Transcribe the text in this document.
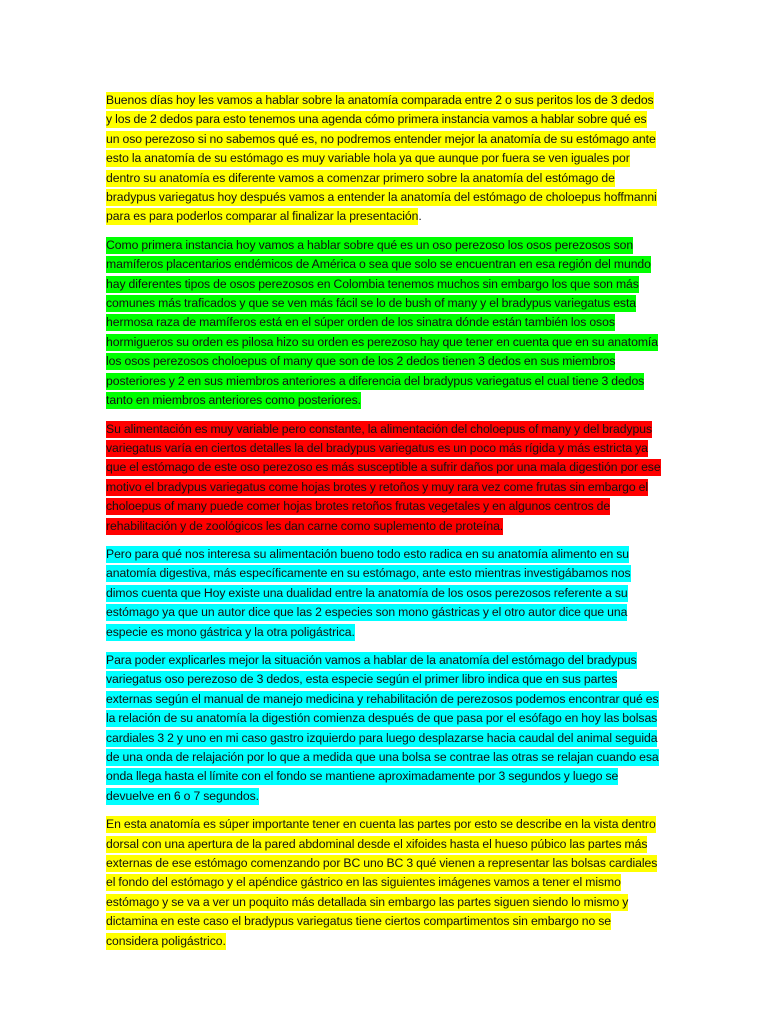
Buenos días hoy les vamos a hablar sobre la anatomía comparada entre 2 o sus peritos los de 3 dedos y los de 2 dedos para esto tenemos una agenda cómo primera instancia vamos a hablar sobre qué es un oso perezoso si no sabemos qué es, no podremos entender mejor la anatomía de su estómago ante esto la anatomía de su estómago es muy variable hola ya que aunque por fuera se ven iguales por dentro su anatomía es diferente vamos a comenzar primero sobre la anatomía del estómago de bradypus variegatus hoy después vamos a entender la anatomía del estómago de choloepus hoffmanni para es para poderlos comparar al finalizar la presentación.

Como primera instancia hoy vamos a hablar sobre qué es un oso perezoso los osos perezosos son mamíferos placentarios endémicos de América o sea que solo se encuentran en esa región del mundo hay diferentes tipos de osos perezosos en Colombia tenemos muchos sin embargo los que son más comunes más traficados y que se ven más fácil se lo de bush of many y el bradypus variegatus esta hermosa raza de mamíferos está en el súper orden de los sinatra dónde están también los osos hormigueros su orden es pilosa hizo su orden es perezoso hay que tener en cuenta que en su anatomía los osos perezosos choloepus of many que son de los 2 dedos tienen 3 dedos en sus miembros posteriores y 2 en sus miembros anteriores a diferencia del bradypus variegatus el cual tiene 3 dedos tanto en miembros anteriores como posteriores.

Su alimentación es muy variable pero constante, la alimentación del choloepus of many y del bradypus variegatus varía en ciertos detalles la del bradypus variegatus es un poco más rígida y más estricta ya que el estómago de este oso perezoso es más susceptible a sufrir daños por una mala digestión por ese motivo el bradypus variegatus come hojas brotes y retoños y muy rara vez come frutas sin embargo el choloepus of many puede comer hojas brotes retoños frutas vegetales y en algunos centros de rehabilitación y de zoológicos les dan carne como suplemento de proteína.

Pero para qué nos interesa su alimentación bueno todo esto radica en su anatomía alimento en su anatomía digestiva, más específicamente en su estómago, ante esto mientras investigábamos nos dimos cuenta que Hoy existe una dualidad entre la anatomía de los osos perezosos referente a su estómago ya que un autor dice que las 2 especies son mono gástricas y el otro autor dice que una especie es mono gástrica y la otra poligástrica.

Para poder explicarles mejor la situación vamos a hablar de la anatomía del estómago del bradypus variegatus oso perezoso de 3 dedos, esta especie según el primer libro indica que en sus partes externas según el manual de manejo medicina y rehabilitación de perezosos podemos encontrar qué es la relación de su anatomía la digestión comienza después de que pasa por el esófago en hoy las bolsas cardiales 3 2 y uno en mi caso gastro izquierdo para luego desplazarse hacia caudal del animal seguida de una onda de relajación por lo que a medida que una bolsa se contrae las otras se relajan cuando esa onda llega hasta el límite con el fondo se mantiene aproximadamente por 3 segundos y luego se devuelve en 6 o 7 segundos.

En esta anatomía es súper importante tener en cuenta las partes por esto se describe en la vista dentro dorsal con una apertura de la pared abdominal desde el xifoides hasta el hueso púbico las partes más externas de ese estómago comenzando por BC uno BC 3 qué vienen a representar las bolsas cardiales el fondo del estómago y el apéndice gástrico en las siguientes imágenes vamos a tener el mismo estómago y se va a ver un poquito más detallada sin embargo las partes siguen siendo lo mismo y dictamina en este caso el bradypus variegatus tiene ciertos compartimentos sin embargo no se considera poligástrico.
